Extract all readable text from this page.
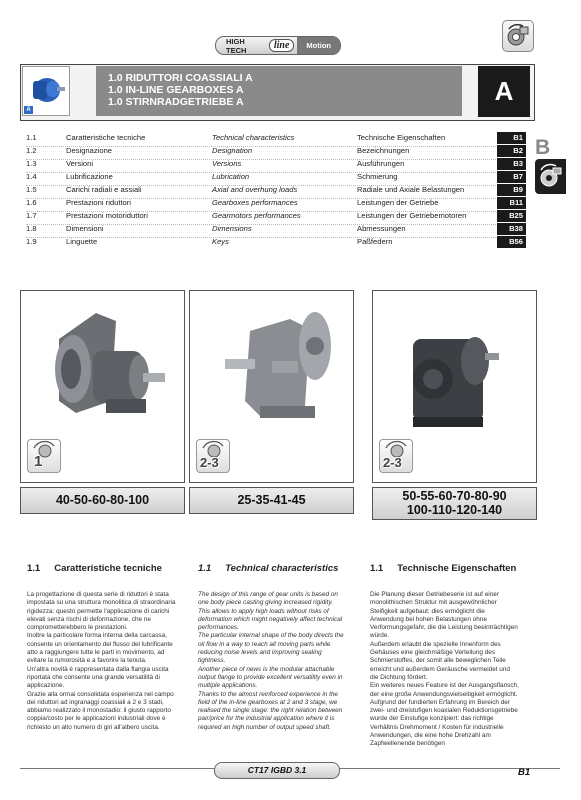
HIGH TECH	line	Motion
A
1.0 RIDUTTORI COASSIALI A
1.0 IN-LINE GEARBOXES A
1.0 STIRNRADGETRIEBE A	A
B
1.1	Caratteristiche tecniche	Technical characteristics	Technische Eigenschaften	B1
1.2	Designazione	Designation	Bezeichnungen	B2
1.3	Versioni	Versions	Ausführungen	B3
1.4	Lubrificazione	Lubrication	Schmierung	B7
1.5	Carichi radiali e assiali	Axial and overhung loads	Radiale und Axiale Belastungen	B9
1.6	Prestazioni riduttori	Gearboxes performances	Leistungen der Getriebe	B11
1.7	Prestazioni motoriduttori	Gearmotors performances	Leistungen der Getriebemotoren	B25
1.8	Dimensioni	Dimensions	Abmessungen	B38
1.9	Linguette	Keys	Paßfedern	B56
1	2-3	2-3
40-50-60-80-100	25-35-41-45	50-55-60-70-80-90
100-110-120-140
1.1 Caratteristiche tecniche	1.1 Technical characteristics	1.1 Technische Eigenschaften

La progettazione di questa serie di riduttori è stata

impostata su una struttura monolitica di straordinaria

rigidezza: questo permette l'applicazione di carichi

elevati senza rischi di deformazione, che ne

comprometterebbero le prestazioni.

Inoltre la particolare forma interna della carcassa,

consente un orientamento del flusso del lubrificante

atto a raggiungere tutte le parti in movimento, ad

evitare la rumorosità e a favorire la tenuta.

Un'altra novità è rappresentata dalla flangia uscita

riportata che consente una grande versatilità di

applicazione.

Grazie alla ormai consolidata esperienza nel campo

dei riduttori ad ingranaggi coassiali a 2 e 3 stadi,

abbiamo realizzato il monostadio: il giusto rapporto

coppia/costo per le applicazioni industriali dove è

richiesto un alto numero di giri all'albero uscita.

The design of this range of gear units is based on

one body piece casting giving increased rigidity.

This allows to apply high loads without risks of

deformation which might negatively affect technical

performances.

The particular internal shape of the body directs the

oil flow in a way to reach all moving parts while

reducing noise levels and improving sealing

tightness.

Another piece of news is the modular attachable

output flange to provide excellent versatility even in

multiple applications.

Thanks to the almost reinforced experience in the

field of the in-line gearboxes at 2 and 3 stage, we

realised the single stage: the right relation between

pair/price for the industrial application where it is

required an high number of output speed shaft.

Die Planung dieser Getriebeserie ist auf einer

monolithischen Struktur mit ausgewöhnlicher

Steifigkeit aufgebaut: dies ermöglicht die

Anwendung bei hohen Belastungen ohne

Verformungsgefahr, die die Leistung beeinträchtigen

würde.

Außerdem erlaubt die spezielle Innenform des

Gehäuses eine gleichmäßige Verteilung des

Schmierstoffes, der somit alle beweglichen Teile

erreicht und außerdem Geräusche vermeidet und

die Dichtung fördert.

Ein weiteres neues Feature ist der Ausgangsflansch,

der eine große Anwendungsvielseitigkeit ermöglicht.

Aufgrund der fundierten Erfahrung im Bereich der

zwei- und dreistufigen koaxialen Reduktionsgetriebe

wurde der Einstufige konzipiert: das richtige

Verhältnis Drehmoment / Kosten für industrielle

Anwendungen, die eine hohe Drehzahl am

Zapfwellenende benötigen

CT17 IGBD 3.1	B1
